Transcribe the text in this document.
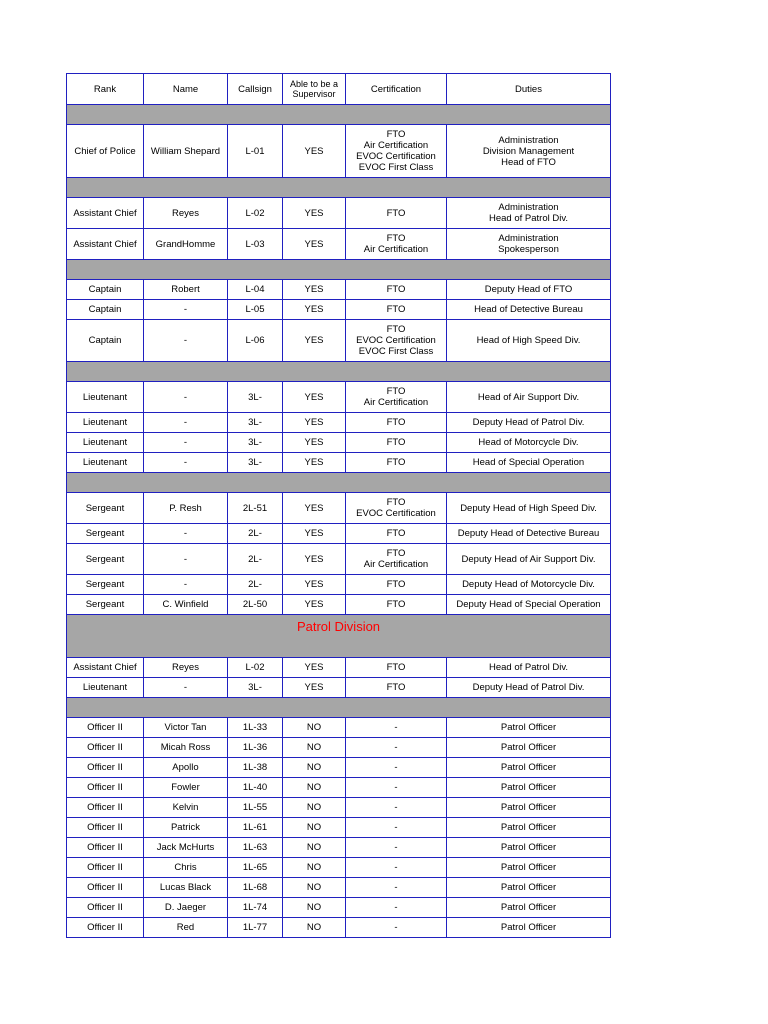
Rank	Name	Callsign	Able to be a Supervisor	Certification	Duties

Chief of Police	William Shepard	L-01	YES	FTO
Air Certification
EVOC Certification
EVOC First Class	Administration
Division Management
Head of FTO

Assistant Chief	Reyes	L-02	YES	FTO	Administration
Head of Patrol Div.

Assistant Chief	GrandHomme	L-03	YES	FTO
Air Certification	Administration
Spokesperson

Captain	Robert	L-04	YES	FTO	Deputy Head of FTO

Captain	-	L-05	YES	FTO	Head of Detective Bureau

Captain	-	L-06	YES	FTO
EVOC Certification
EVOC First Class	Head of High Speed Div.

Lieutenant	-	3L-	YES	FTO
Air Certification	Head of Air Support Div.

Lieutenant	-	3L-	YES	FTO	Deputy Head of Patrol Div.

Lieutenant	-	3L-	YES	FTO	Head of Motorcycle Div.

Lieutenant	-	3L-	YES	FTO	Head of Special Operation

Sergeant	P. Resh	2L-51	YES	FTO
EVOC Certification	Deputy Head of High Speed Div.

Sergeant	-	2L-	YES	FTO	Deputy Head of Detective Bureau

Sergeant	-	2L-	YES	FTO
Air Certification	Deputy Head of Air Support Div.

Sergeant	-	2L-	YES	FTO	Deputy Head of Motorcycle Div.

Sergeant	C. Winfield	2L-50	YES	FTO	Deputy Head of Special Operation

Patrol Division					
Assistant Chief	Reyes	L-02	YES	FTO	Head of Patrol Div.

Lieutenant	-	3L-	YES	FTO	Deputy Head of Patrol Div.

Officer II	Victor Tan	1L-33	NO	-	Patrol Officer

Officer II	Micah Ross	1L-36	NO	-	Patrol Officer

Officer II	Apollo	1L-38	NO	-	Patrol Officer

Officer II	Fowler	1L-40	NO	-	Patrol Officer

Officer II	Kelvin	1L-55	NO	-	Patrol Officer

Officer II	Patrick	1L-61	NO	-	Patrol Officer

Officer II	Jack McHurts	1L-63	NO	-	Patrol Officer

Officer II	Chris	1L-65	NO	-	Patrol Officer

Officer II	Lucas Black	1L-68	NO	-	Patrol Officer

Officer II	D. Jaeger	1L-74	NO	-	Patrol Officer

Officer II	Red	1L-77	NO	-	Patrol Officer
